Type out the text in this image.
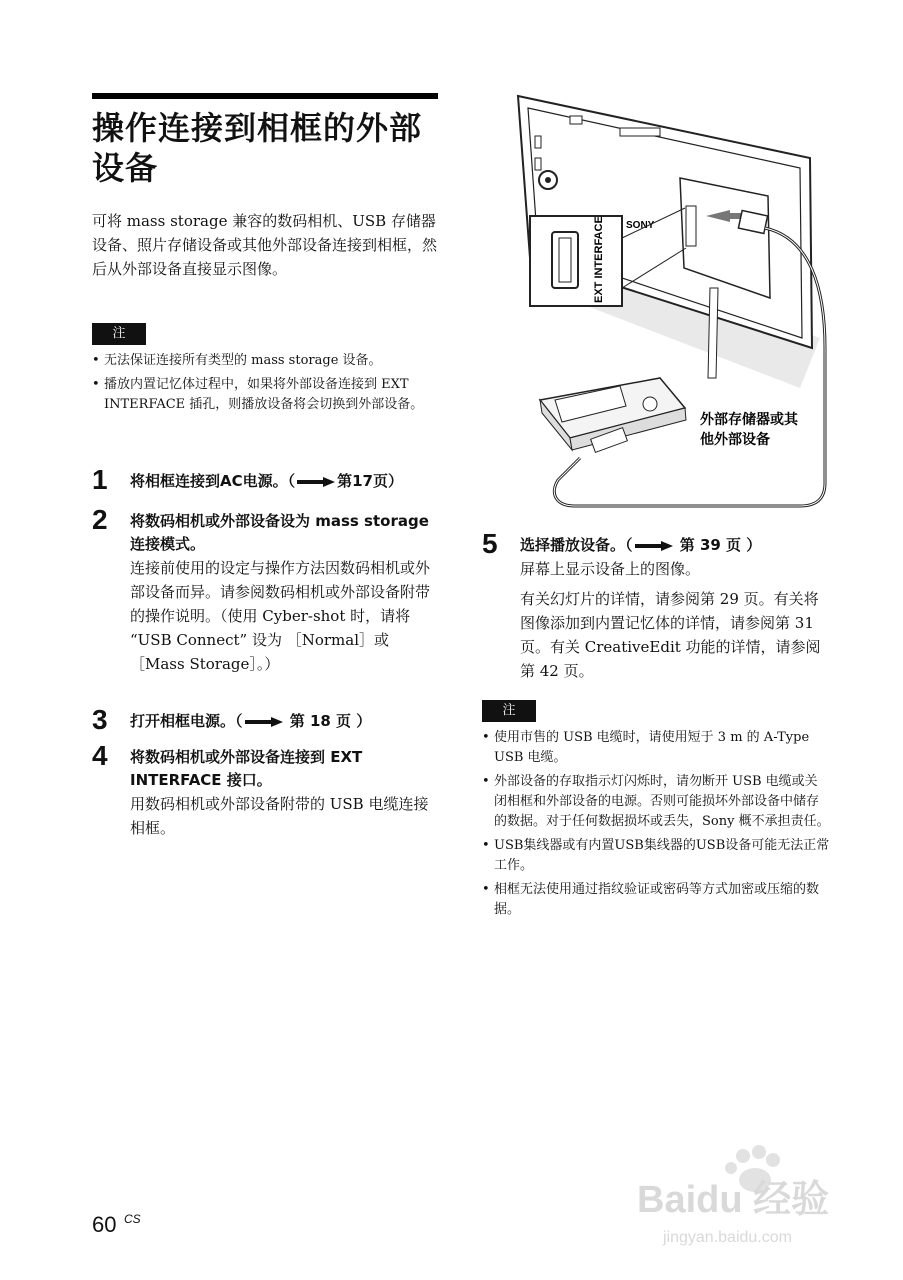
操作连接到相框的外部设备
可将 mass storage 兼容的数码相机、USB 存储器设备、照片存储设备或其他外部设备连接到相框，然后从外部设备直接显示图像。
注
• 无法保证连接所有类型的 mass storage 设备。
• 播放内置记忆体过程中，如果将外部设备连接到 EXT INTERFACE 插孔，则播放设备将会切换到外部设备。
1 将相框连接到AC电源。（	第17页）
2 将数码相机或外部设备设为 mass storage 连接模式。
连接前使用的设定与操作方法因数码相机或外部设备而异。请参阅数码相机或外部设备附带的操作说明。（使用 Cyber-shot 时，请将 “USB Connect” 设为 ［Normal］或 ［Mass Storage］。）
3 打开相框电源。（	第 18 页 ）
4 将数码相机或外部设备连接到 EXT INTERFACE 接口。
用数码相机或外部设备附带的 USB 电缆连接相框。
SONY
EXT INTERFACE
外部存储器或其
他外部设备
5 选择播放设备。（	第 39 页 ）
屏幕上显示设备上的图像。
有关幻灯片的详情，请参阅第 29 页。有关将图像添加到内置记忆体的详情，请参阅第 31 页。有关 CreativeEdit 功能的详情，请参阅第 42 页。
注
• 使用市售的 USB 电缆时，请使用短于 3 m 的 A-Type USB 电缆。
• 外部设备的存取指示灯闪烁时，请勿断开 USB 电缆或关闭相框和外部设备的电源。否则可能损坏外部设备中储存的数据。对于任何数据损坏或丢失，Sony 概不承担责任。
• USB集线器或有内置USB集线器的USB设备可能无法正常工作。
• 相框无法使用通过指纹验证或密码等方式加密或压缩的数据。
60 CS	Baidu 经验
jingyan.baidu.com
